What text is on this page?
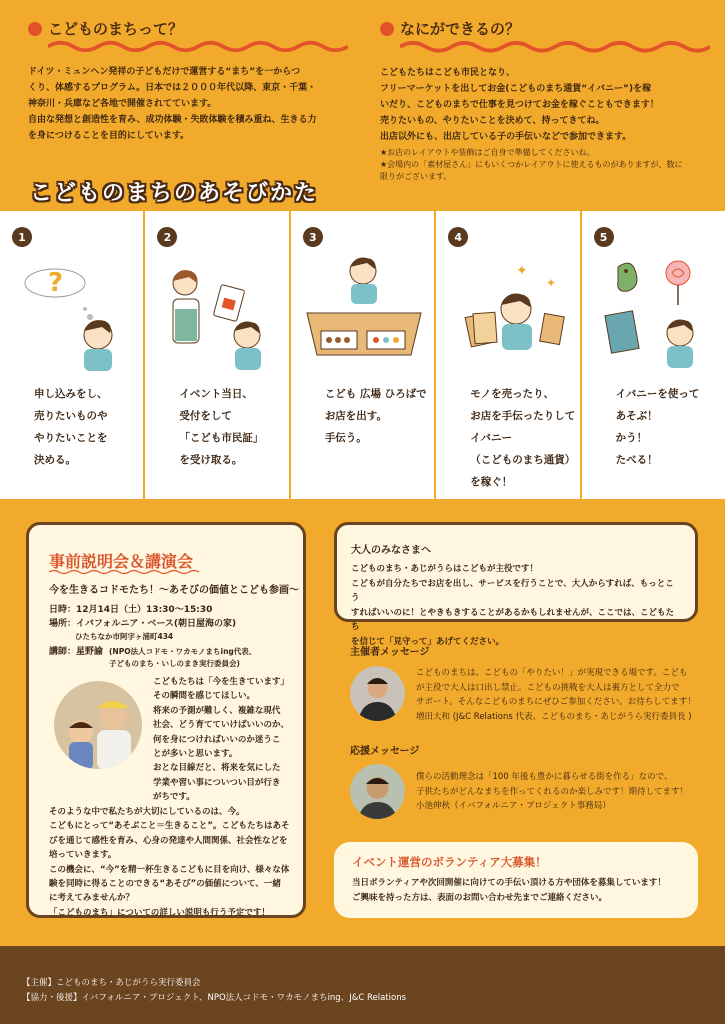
こどものまちって？
ドイツ・ミュンヘン発祥の子どもだけで運営する“まち”を一からつ
くり、体感するプログラム。日本では２０００年代以降、東京・千葉・
神奈川・兵庫など各地で開催されてています。
自由な発想と創造性を育み、成功体験・失敗体験を積み重ね、生きる力
を身につけることを目的にしています。
なにができるの？
こどもたちはこども市民となり、
フリーマーケットを出してお金(こどものまち通貨“イバニー”)を稼
いだり、こどものまちで仕事を見つけてお金を稼ぐこともできます！
売りたいもの、やりたいことを決めて、持ってきてね。
出店以外にも、出店している子の手伝いなどで参加できます。
★お店のレイアウトや装飾はご自身で準備してくださいね。
★会場内の「素材屋さん」にもいくつかレイアウトに使えるものがありますが、数に
限りがございます。
こどものまちのあそびかた
1
?
申し込みをし、
売りたいものや
やりたいことを
決める。
2
イベント当日、
受付をして
「こども市民証」
を受け取る。
3
こども 広場 ひろばで
お店を出す。
手伝う。
4
✦
✦
モノを売ったり、
お店を手伝ったりして
イバニー
（こどものまち通貨）
を稼ぐ！
5
イバニーを使って
あそぶ！
かう！
たべる！
事前説明会＆講演会
今を生きるコドモたち！～あそびの価値とこども参画～
日時：12月14日（土）13:30～15:30
場所：イバフォルニア・ベース(朝日屋海の家)
ひたちなか市阿字ヶ浦町434
講師：星野諭 (NPO法人コドモ・ワカモノまちing代表、
子どものまち・いしのまき実行委員会)
こどもたちは「今を生きています」
その瞬間を感じてほしい。
将来の予測が難しく、複雑な現代
社会、どう育てていけばいいのか、
何を身につければいいのか迷うこ
とが多いと思います。
おとな目線だと、将来を気にした
学業や習い事についつい目が行き
がちです。
そのような中で私たちが大切にしているのは、今。
こどもにとって“あそぶこと＝生きること”。こどもたちはあそ
びを通じて感性を育み、心身の発達や人間関係、社会性などを
培っていきます。
この機会に、“今”を精一杯生きるこどもに目を向け、様々な体
験を同時に得ることのできる“あそび”の価値について、一緒
に考えてみませんか？
「こどものまち」についての詳しい説明も行う予定です！
大人のみなさまへ

こどものまち・あじがうらはこどもが主役です！

こどもが自分たちでお店を出し、サービスを行うことで、大人からすれば、もっとこう

すればいいのに！とやきもきすることがあるかもしれませんが、ここでは、こどもたち

を信じて「見守って」あげてください。

主催者メッセージ
こどものまちは、こどもの「やりたい！」が実現できる場です。こども
が主役で大人は口出し禁止。こどもの挑戦を大人は裏方として全力で
サポート。そんなこどものまちにぜひご参加ください。お待ちしてます！
増田大和 (J&C Relations 代表、こどものまち・あじがうら実行委員長 )
応援メッセージ
僕らの活動理念は「100 年後も豊かに暮らせる街を作る」なので、
子供たちがどんなまちを作ってくれるのか楽しみです！期待してます！
小池伸秋（イバフォルニア・プロジェクト事務局）
イベント運営のボランティア大募集！

当日ボランティアや次回開催に向けての手伝い頂ける方や団体を募集しています！

ご興味を持った方は、表面のお問い合わせ先までご連絡ください。

【主催】こどものまち・あじがうら実行委員会

【協力・後援】イバフォルニア・プロジェクト、NPO法人コドモ・ワカモノまちing、J&C Relations
